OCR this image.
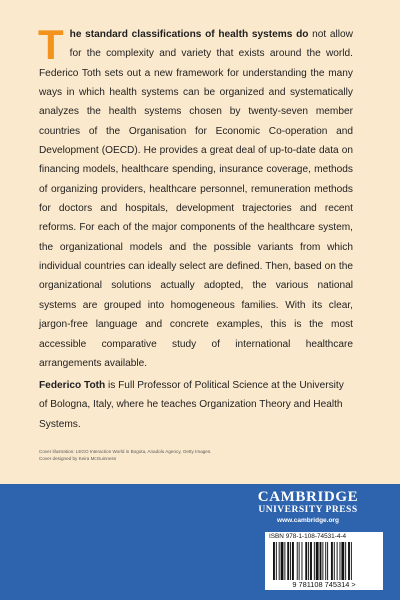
The standard classifications of health systems do not allow for the complexity and variety that exists around the world. Federico Toth sets out a new framework for understanding the many ways in which health systems can be organized and systematically analyzes the health systems chosen by twenty-seven member countries of the Organisation for Economic Co-operation and Development (OECD). He provides a great deal of up-to-date data on financing models, healthcare spending, insurance coverage, methods of organizing providers, healthcare personnel, remuneration methods for doctors and hospitals, development trajectories and recent reforms. For each of the major components of the healthcare system, the organizational models and the possible variants from which individual countries can ideally select are defined. Then, based on the organizational solutions actually adopted, the various national systems are grouped into homogeneous families. With its clear, jargon-free language and concrete examples, this is the most accessible comparative study of international healthcare arrangements available.
Federico Toth is Full Professor of Political Science at the University of Bologna, Italy, where he teaches Organization Theory and Health Systems.
Cover illustration: LEGO Interaction World in Bogota, Anadolu Agency, Getty Images.
Cover designed by Keira McGuinness
CAMBRIDGE
UNIVERSITY PRESS
www.cambridge.org
ISBN 978-1-108-74531-4-4
9 781108 745314 >
